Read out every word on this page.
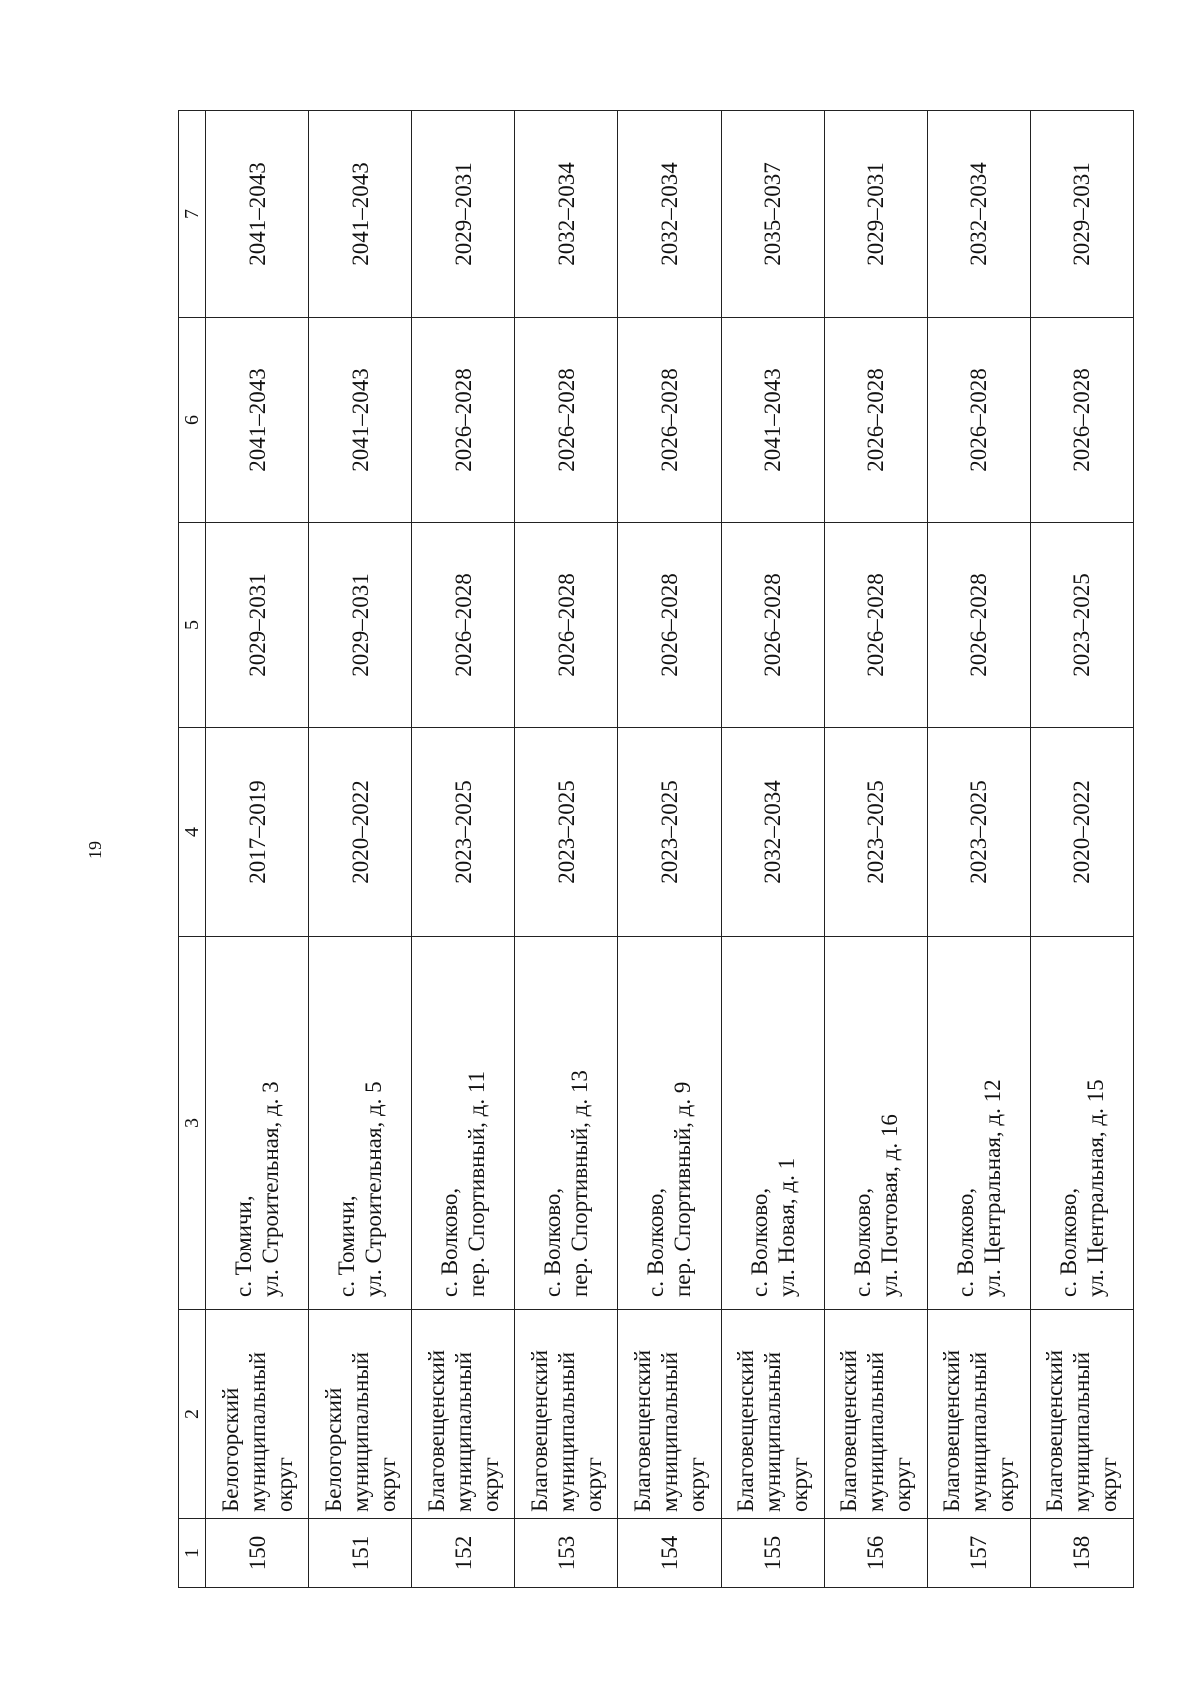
19
1	2	3	4	5	6	7
150	Белогорский муниципальный округ	с. Томичи, ул. Строительная, д. 3	2017–2019	2029–2031	2041–2043	2041–2043
151	Белогорский муниципальный округ	с. Томичи, ул. Строительная, д. 5	2020–2022	2029–2031	2041–2043	2041–2043
152	Благовещенский муниципальный округ	с. Волково, пер. Спортивный, д. 11	2023–2025	2026–2028	2026–2028	2029–2031
153	Благовещенский муниципальный округ	с. Волково, пер. Спортивный, д. 13	2023–2025	2026–2028	2026–2028	2032–2034
154	Благовещенский муниципальный округ	с. Волково, пер. Спортивный, д. 9	2023–2025	2026–2028	2026–2028	2032–2034
155	Благовещенский муниципальный округ	с. Волково, ул. Новая, д. 1	2032–2034	2026–2028	2041–2043	2035–2037
156	Благовещенский муниципальный округ	с. Волково, ул. Почтовая, д. 16	2023–2025	2026–2028	2026–2028	2029–2031
157	Благовещенский муниципальный округ	с. Волково, ул. Центральная, д. 12	2023–2025	2026–2028	2026–2028	2032–2034
158	Благовещенский муниципальный округ	с. Волково, ул. Центральная, д. 15	2020–2022	2023–2025	2026–2028	2029–2031
